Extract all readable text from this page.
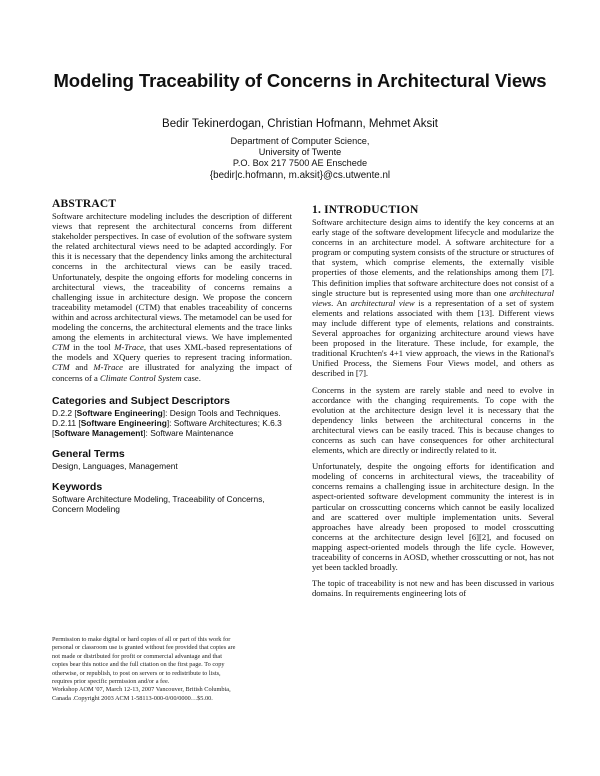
Modeling Traceability of Concerns in Architectural Views
Bedir Tekinerdogan, Christian Hofmann, Mehmet Aksit
Department of Computer Science,
University of Twente
P.O. Box 217 7500 AE Enschede
{bedir|c.hofmann, m.aksit}@cs.utwente.nl
ABSTRACT

Software architecture modeling includes the description of different views that represent the architectural concerns from different stakeholder perspectives. In case of evolution of the software system the related architectural views need to be adapted accordingly. For this it is necessary that the dependency links among the architectural concerns in the architectural views can be easily traced. Unfortunately, despite the ongoing efforts for modeling concerns in architectural views, the traceability of concerns remains a challenging issue in architecture design. We propose the concern traceability metamodel (CTM) that enables traceability of concerns within and across architectural views. The metamodel can be used for modeling the concerns, the architectural elements and the trace links among the elements in architectural views. We have implemented CTM in the tool M-Trace, that uses XML-based representations of the models and XQuery queries to represent tracing information. CTM and M-Trace are illustrated for analyzing the impact of concerns of a Climate Control System case.

Categories and Subject Descriptors

D.2.2 [Software Engineering]: Design Tools and Techniques. D.2.11 [Software Engineering]: Software Architectures; K.6.3 [Software Management]: Software Maintenance

General Terms

Design, Languages, Management

Keywords

Software Architecture Modeling, Traceability of Concerns, Concern Modeling

Permission to make digital or hard copies of all or part of this work for
personal or classroom use is granted without fee provided that copies are
not made or distributed for profit or commercial advantage and that
copies bear this notice and the full citation on the first page. To copy
otherwise, or republish, to post on servers or to redistribute to lists,
requires prior specific permission and/or a fee.
Workshop AOM '07, March 12-13, 2007 Vancouver, British Columbia,
Canada .Copyright 2003 ACM 1-58113-000-0/00/0000…$5.00.
1. INTRODUCTION

Software architecture design aims to identify the key concerns at an early stage of the software development lifecycle and modularize the concerns in an architecture model. A software architecture for a program or computing system consists of the structure or structures of that system, which comprise elements, the externally visible properties of those elements, and the relationships among them [7]. This definition implies that software architecture does not consist of a single structure but is represented using more than one architectural views. An architectural view is a representation of a set of system elements and relations associated with them [13]. Different views may include different type of elements, relations and constraints. Several approaches for organizing architecture around views have been proposed in the literature. These include, for example, the traditional Kruchten's 4+1 view approach, the views in the Rational's Unified Process, the Siemens Four Views model, and others as described in [7].

Concerns in the system are rarely stable and need to evolve in accordance with the changing requirements. To cope with the evolution at the architecture design level it is necessary that the dependency links between the architectural concerns in the architectural views can be easily traced. This is because changes to concerns as such can have consequences for other architectural elements, which are directly or indirectly related to it.

Unfortunately, despite the ongoing efforts for identification and modeling of concerns in architectural views, the traceability of concerns remains a challenging issue in architecture design. In the aspect-oriented software development community the interest is in particular on crosscutting concerns which cannot be easily localized and are scattered over multiple implementation units. Several approaches have already been proposed to model crosscutting concerns at the architecture design level [6][2], and focused on mapping aspect-oriented models through the life cycle. However, traceability of concerns in AOSD, whether crosscutting or not, has not yet been tackled broadly.

The topic of traceability is not new and has been discussed in various domains. In requirements engineering lots of
